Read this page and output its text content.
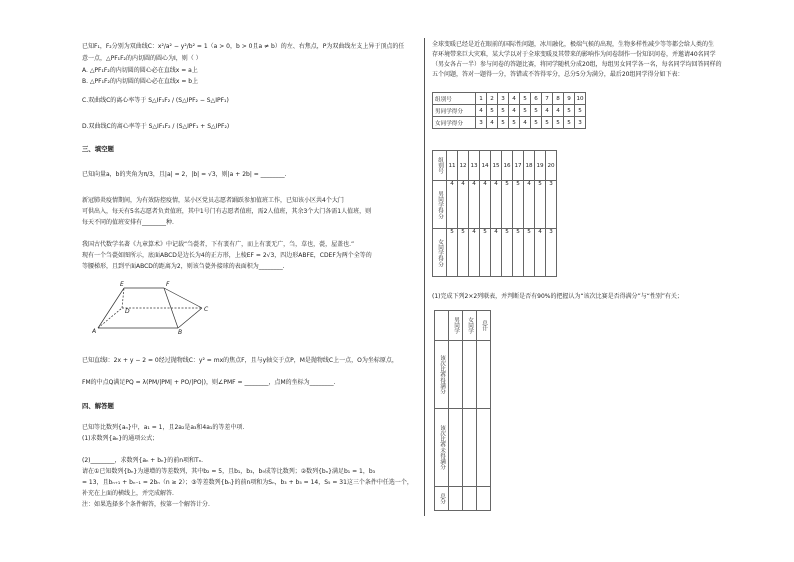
已知F₁，F₂分别为双曲线C：x²/a² − y²/b² = 1（a > 0，b > 0且a ≠ b）的左、右焦点，P为双曲线左支上异于顶点的任
意一点，△PF₁F₂的内切圆的圆心为I，则（ ）
A. △PF₁F₂的内切圆的圆心必在直线x = a上
B. △PF₁F₂的内切圆的圆心必在直线x = b上
C.双曲线C的离心率等于 S△IF₁F₂ / (S△IPF₂ − S△IPF₁)
D.双曲线C的离心率等于 S△IF₁F₂ / (S△IPF₁ + S△IPF₂)
三、填空题
已知向量a，b的夹角为π/3，且|a| = 2，|b| = √3，则|a + 2b| = ________.
新冠肺炎疫情期间，为有效防控疫情，某小区党员志愿者踊跃参加值班工作，已知该小区共4个大门
可供出入，每天有5名志愿者负责值班，其中1号门有志愿者值班，需2人值班，其余3个大门各需1人值班，则
每天不同的值班安排有________种.
我国古代数学名著《九章算术》中记载“刍甍者，下有袤有广，而上有袤无广，刍，草也，甍，屋盖也.”
现有一个刍甍如图所示，底面ABCD是边长为4的正方形，上棱EF = 2√3，四边形ABFE，CDEF为两个全等的
等腰梯形，且到平面ABCD的距离为2，则该刍甍外接球的表面积为________.
E	F
D	C
A	B
已知直线l：2x + y − 2 = 0经过抛物线C：y² = mx的焦点F，且与y轴交于点P，M是抛物线C上一点，O为坐标原点，
FM的中点Q满足PQ = λ(PM/|PM| + PO/|PO|)，则∠PMF = ________，点M的坐标为________.
四、解答题
已知等比数列{aₙ}中，a₁ = 1，且2a₂是a₃和4a₁的等差中项.
(1)求数列{aₙ}的通项公式；
(2)________，求数列{aₙ + bₙ}的前n项和Tₙ.
请在①已知数列{bₙ}为递增的等差数列，其中b₂ = 5，且b₁，b₃，b₉成等比数列；②数列{bₙ}满足b₁ = 1，b₃
= 13，且bₙ₊₁ + bₙ₋₁ = 2bₙ（n ≥ 2）；③等差数列{bₙ}的前n项和为Sₙ，b₃ + b₅ = 14，S₅ = 31这三个条件中任选一个，
补充在上面的横线上，并完成解答.
注：如果选择多个条件解答，按第一个解答计分.
全球变暖已经是近在眼前的国际性问题，冰川融化，极端气候的出现，生物多样性减少等等都会给人类的生
存环境带来巨大灾难，某大学以对于全球变暖及其带来的影响作为问卷制作一份知识问卷，并邀请40名同学
（男女各占一半）参与问卷的答题比赛，将同学随机分成20组，每组男女同学各一名，每名同学均回答同样的
五个问题，答对一题得一分，答错或不答得零分，总分5分为满分，最后20组同学得分如下表：
组别号	1	2	3	4	5	6	7	8	9	10
男同学得分	4	5	5	4	5	5	4	4	5	5
女同学得分	3	4	5	5	4	5	5	5	5	3
组别号	11	12	13	14	15	16	17	18	19	20

男同学得分	4	4	4	4	4	5	5	4	5	3

女同学得分	5	5	4	5	4	5	5	5	4	3
(1)完成下列2×2列联表，并判断是否有90%的把握认为“该次比赛是否得满分”与“性别”有关；

	男同学	女同学	总计

该次比赛得满分			

该次比赛未得满分			

总分			
